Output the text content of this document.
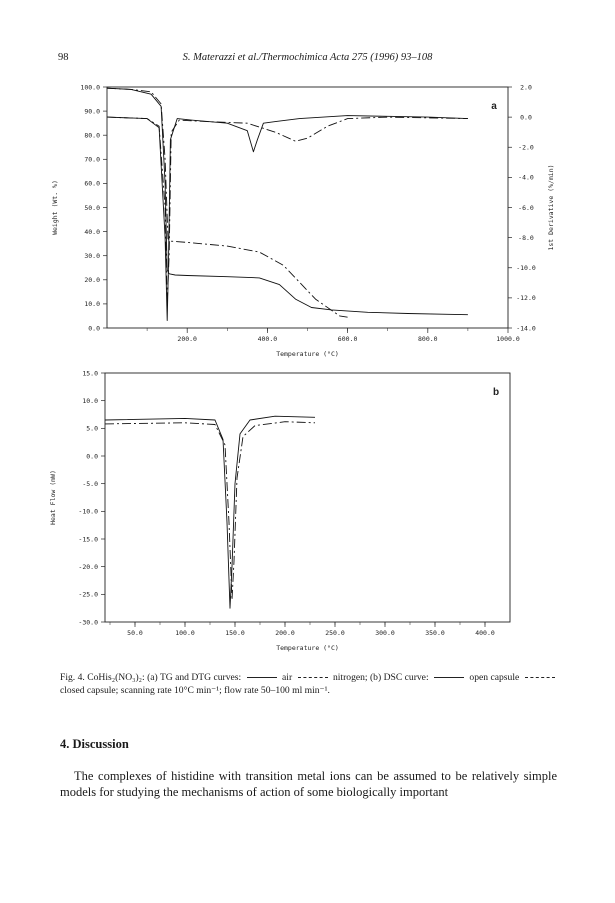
98	S. Materazzi et al./Thermochimica Acta 275 (1996) 93–108
200.0	400.0	600.0	800.0	1000.0
100.0
90.0
80.0
70.0
60.0
50.0
40.0
30.0
20.0
10.0
0.0
2.0
0.0
-2.0
-4.0
-6.0
-8.0
-10.0
-12.0
-14.0
Temperature (°C)
Weight (Wt. %)	1st Derivative (%/min)
a
50.0	100.0	150.0	200.0	250.0	300.0	350.0	400.0
15.0
10.0
5.0
0.0
-5.0
-10.0
-15.0
-20.0
-25.0
-30.0
Temperature (°C)
Heat Flow (mW)
b
Fig. 4. CoHis₂(NO₃)₂: (a) TG and DTG curves:	air	nitrogen; (b) DSC curve:	open capsule  closed capsule; scanning rate 10°C min⁻¹; flow rate 50–100 ml min⁻¹.
4. Discussion
The complexes of histidine with transition metal ions can be assumed to be relatively simple models for studying the mechanisms of action of some biologically important
